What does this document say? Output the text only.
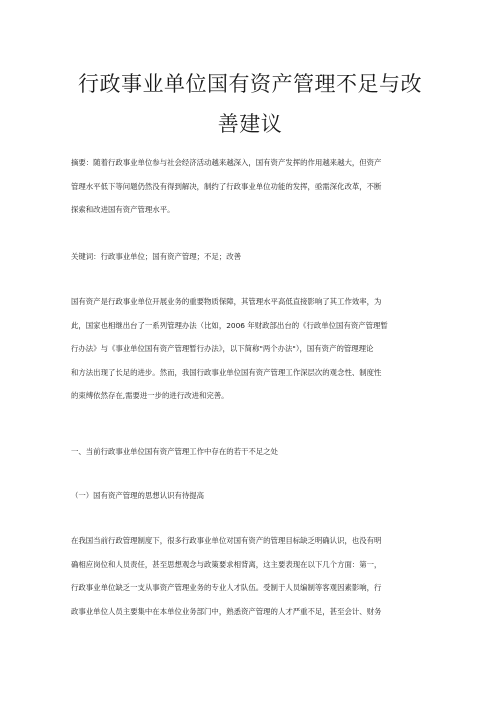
行政事业单位国有资产管理不足与改
善建议
摘要：随着行政事业单位参与社会经济活动越来越深入，国有资产发挥的作用越来越大，但资产
管理水平低下等问题仍然没有得到解决，制约了行政事业单位功能的发挥，亟需深化改革，不断
探索和改进国有资产管理水平。
关键词：行政事业单位；国有资产管理；不足；改善
国有资产是行政事业单位开展业务的重要物质保障，其管理水平高低直接影响了其工作效率，为
此，国家也相继出台了一系列管理办法（比如，2006 年财政部出台的《行政单位国有资产管理暂
行办法》与《事业单位国有资产管理暂行办法》，以下简称"两个办法"），国有资产的管理理论
和方法出现了长足的进步。然而，我国行政事业单位国有资产管理工作深层次的观念性、制度性
的束缚依然存在,需要进一步的进行改进和完善。
一、当前行政事业单位国有资产管理工作中存在的若干不足之处
（一）国有资产管理的思想认识有待提高
在我国当前行政管理制度下，很多行政事业单位对国有资产的管理目标缺乏明确认识，也没有明
确相应岗位和人员责任，甚至思想观念与政策要求相背离，这主要表现在以下几个方面：第一，
行政事业单位缺乏一支从事资产管理业务的专业人才队伍。受制于人员编制等客观因素影响，行
政事业单位人员主要集中在本单位业务部门中，熟悉资产管理的人才严重不足，甚至会计、财务
